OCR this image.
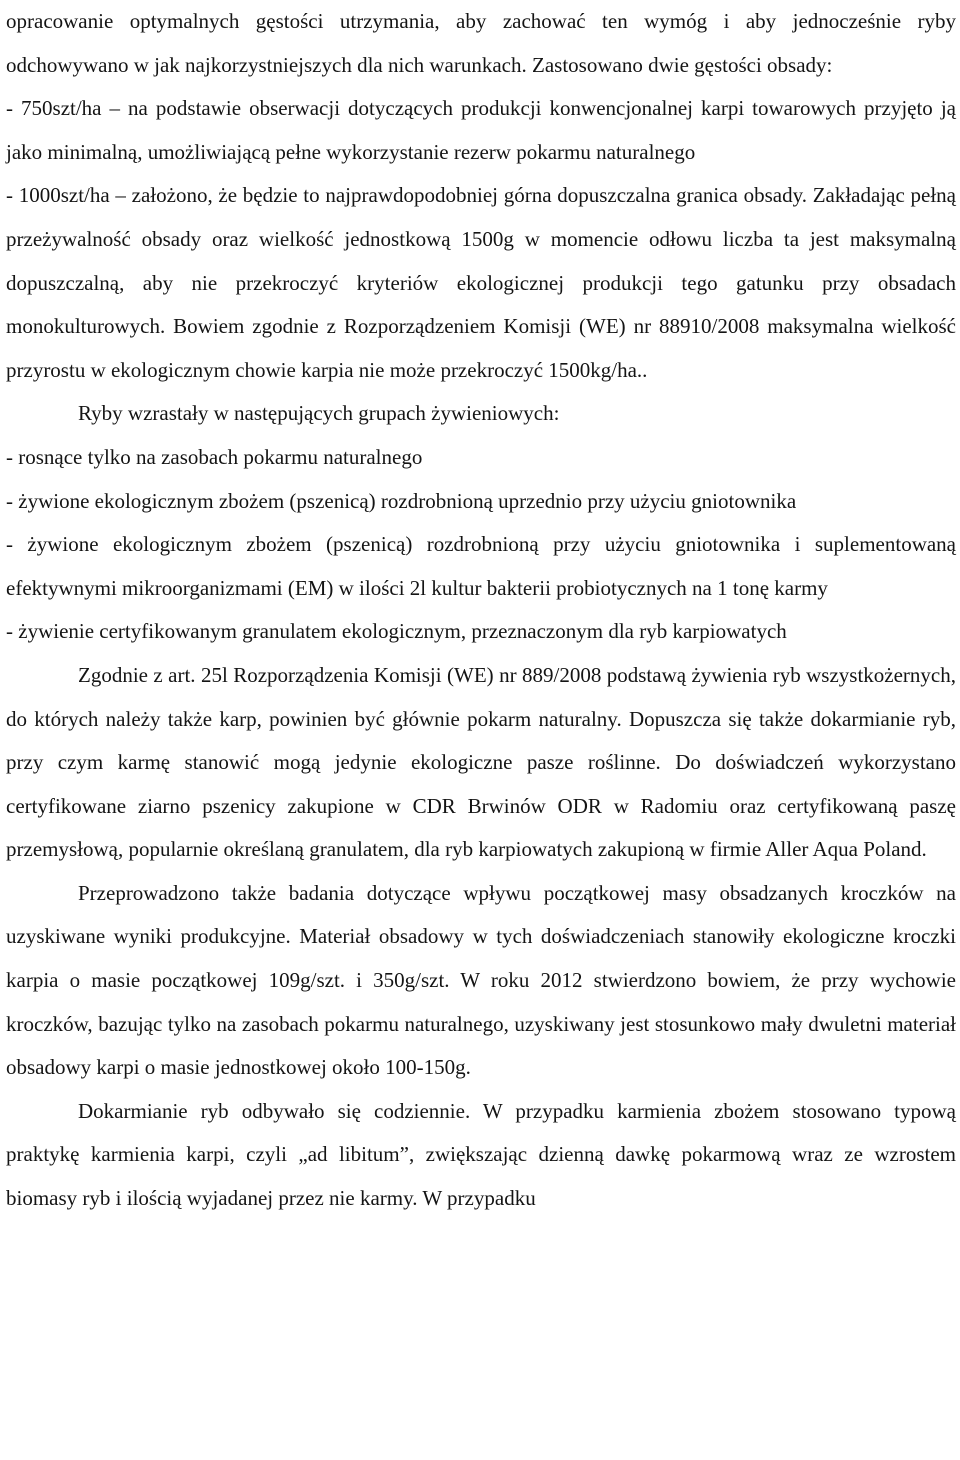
opracowanie optymalnych gęstości utrzymania, aby zachować ten wymóg i aby jednocześnie ryby odchowywano w jak najkorzystniejszych dla nich warunkach. Zastosowano dwie gęstości obsady:

- 750szt/ha – na podstawie obserwacji dotyczących produkcji konwencjonalnej karpi towarowych przyjęto ją jako minimalną, umożliwiającą pełne wykorzystanie rezerw pokarmu naturalnego

- 1000szt/ha – założono, że będzie to najprawdopodobniej górna dopuszczalna granica obsady. Zakładając pełną przeżywalność obsady oraz wielkość jednostkową 1500g w momencie odłowu liczba ta jest maksymalną dopuszczalną, aby nie przekroczyć kryteriów ekologicznej produkcji tego gatunku przy obsadach monokulturowych. Bowiem zgodnie z Rozporządzeniem Komisji (WE) nr 88910/2008 maksymalna wielkość przyrostu w ekologicznym chowie karpia nie może przekroczyć 1500kg/ha..

Ryby wzrastały w następujących grupach żywieniowych:

- rosnące tylko na zasobach pokarmu naturalnego

- żywione ekologicznym zbożem (pszenicą) rozdrobnioną uprzednio przy użyciu gniotownika

- żywione ekologicznym zbożem (pszenicą) rozdrobnioną przy użyciu gniotownika i suplementowaną efektywnymi mikroorganizmami (EM) w ilości 2l kultur bakterii probiotycznych na 1 tonę karmy

- żywienie certyfikowanym granulatem ekologicznym, przeznaczonym dla ryb karpiowatych

Zgodnie z art. 25l Rozporządzenia Komisji (WE) nr 889/2008 podstawą żywienia ryb wszystkożernych, do których należy także karp, powinien być głównie pokarm naturalny. Dopuszcza się także dokarmianie ryb, przy czym karmę stanowić mogą jedynie ekologiczne pasze roślinne. Do doświadczeń wykorzystano certyfikowane ziarno pszenicy zakupione w CDR Brwinów ODR w Radomiu oraz certyfikowaną paszę przemysłową, popularnie określaną granulatem, dla ryb karpiowatych zakupioną w firmie Aller Aqua Poland.

Przeprowadzono także badania dotyczące wpływu początkowej masy obsadzanych kroczków na uzyskiwane wyniki produkcyjne. Materiał obsadowy w tych doświadczeniach stanowiły ekologiczne kroczki karpia o masie początkowej 109g/szt. i 350g/szt. W roku 2012 stwierdzono bowiem, że przy wychowie kroczków, bazując tylko na zasobach pokarmu naturalnego, uzyskiwany jest stosunkowo mały dwuletni materiał obsadowy karpi o masie jednostkowej około 100-150g.

Dokarmianie ryb odbywało się codziennie. W przypadku karmienia zbożem stosowano typową praktykę karmienia karpi, czyli „ad libitum”, zwiększając dzienną dawkę pokarmową wraz ze wzrostem biomasy ryb i ilością wyjadanej przez nie karmy. W przypadku
